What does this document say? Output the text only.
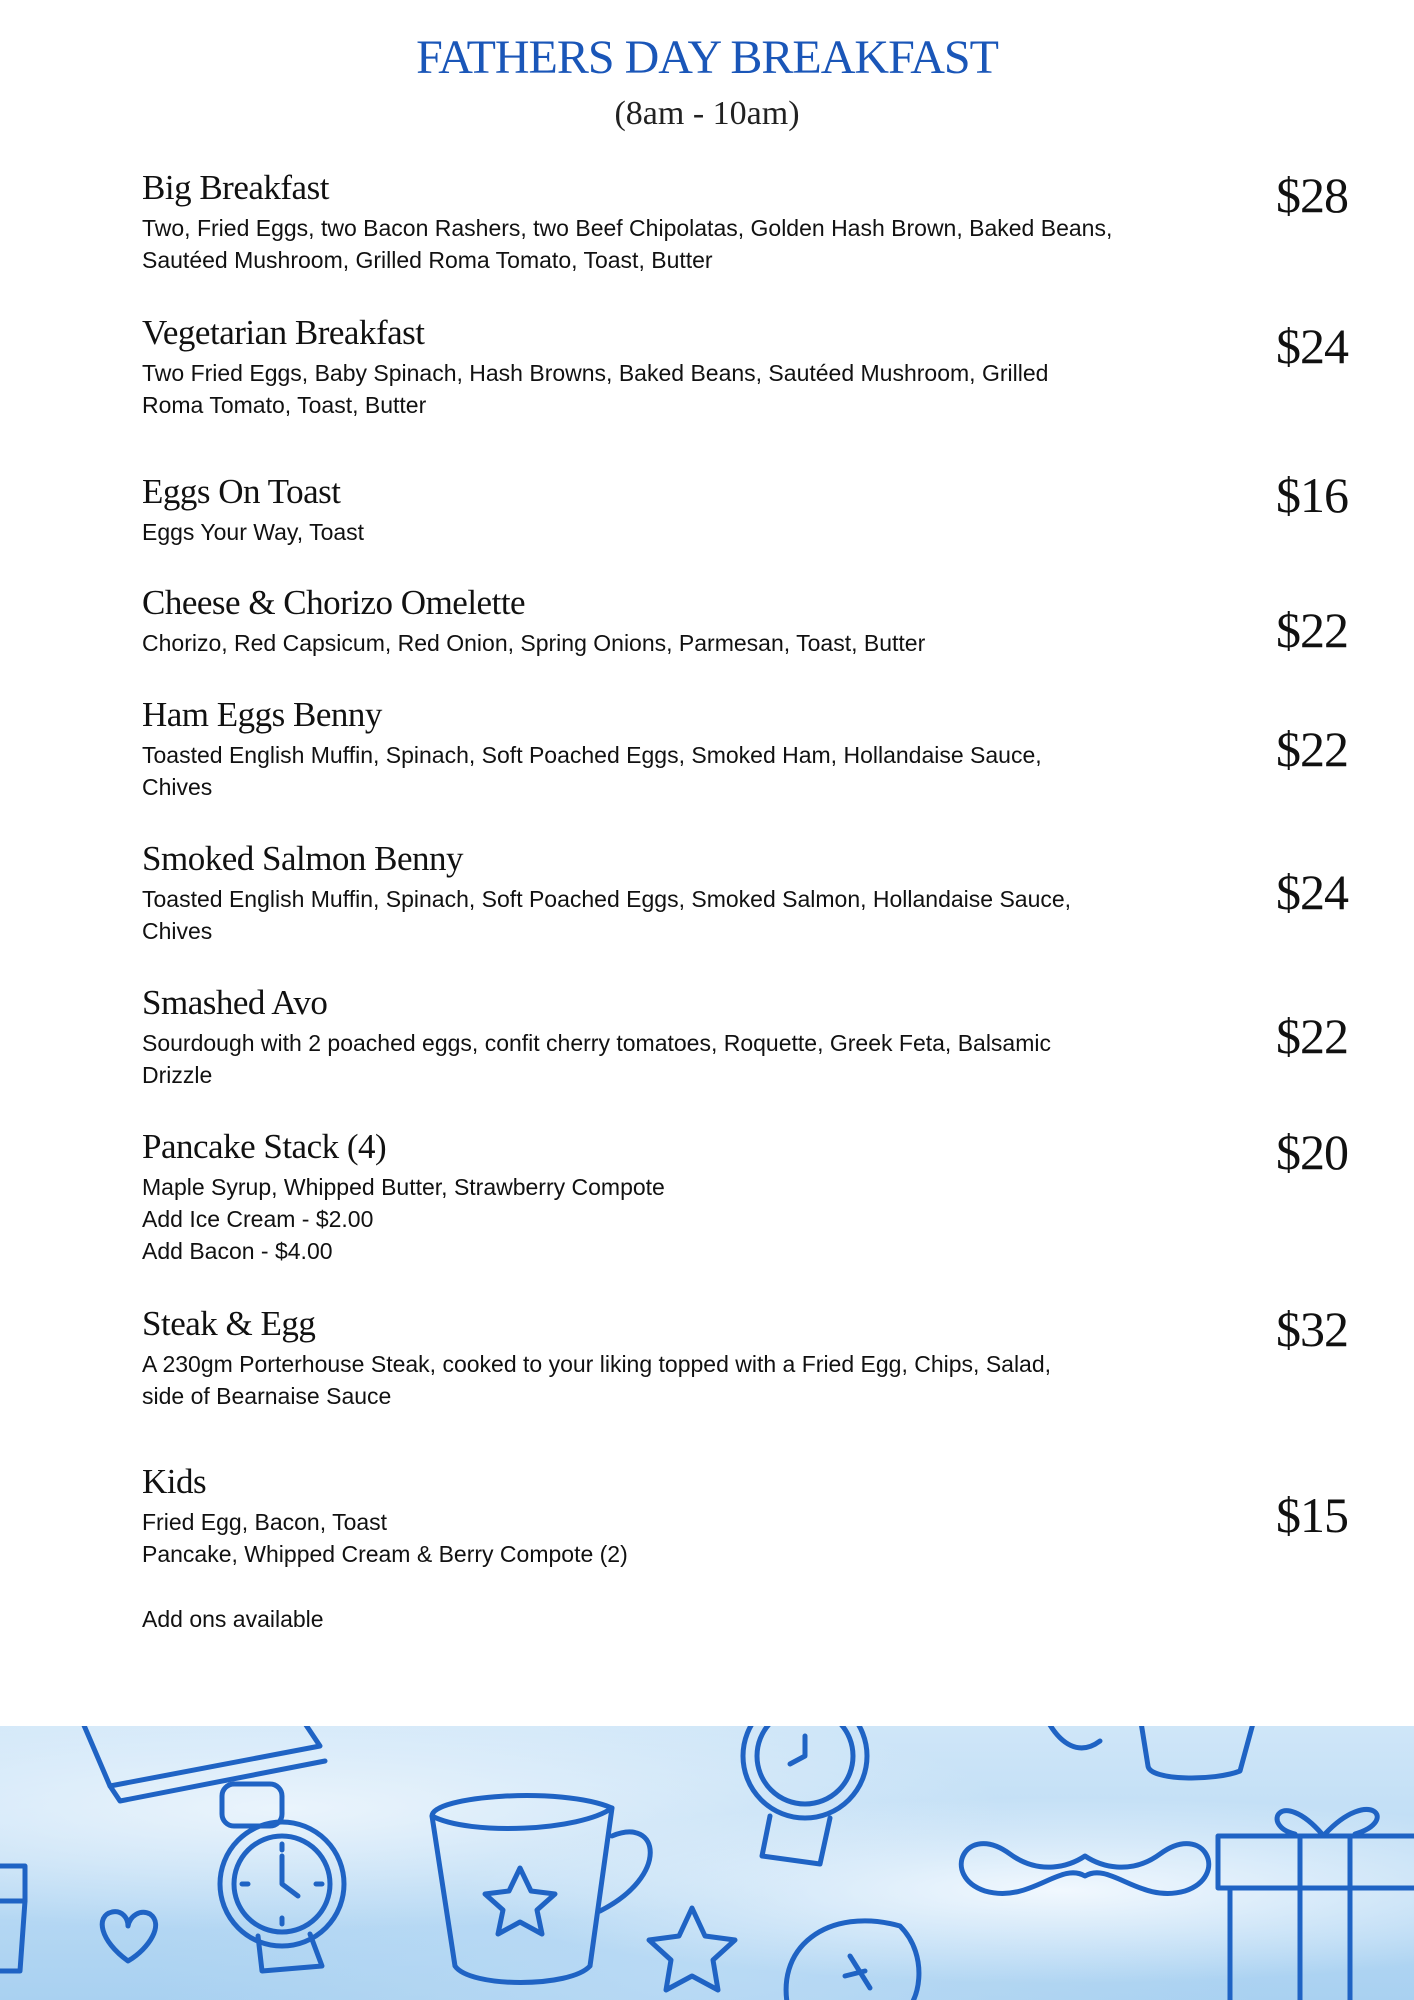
FATHERS DAY BREAKFAST
(8am - 10am)
Big Breakfast
Two, Fried Eggs, two Bacon Rashers, two Beef Chipolatas, Golden Hash Brown, Baked Beans,
Sautéed Mushroom, Grilled Roma Tomato, Toast, Butter
$28
Vegetarian Breakfast
Two Fried Eggs, Baby Spinach, Hash Browns, Baked Beans, Sautéed Mushroom, Grilled
Roma Tomato, Toast, Butter
$24
Eggs On Toast
Eggs Your Way, Toast
$16
Cheese & Chorizo Omelette
Chorizo, Red Capsicum, Red Onion, Spring Onions, Parmesan, Toast, Butter	$22
Ham Eggs Benny
Toasted English Muffin, Spinach, Soft Poached Eggs, Smoked Ham, Hollandaise Sauce,
Chives
$22
Smoked Salmon Benny
Toasted English Muffin, Spinach, Soft Poached Eggs, Smoked Salmon, Hollandaise Sauce,
Chives
$24
Smashed Avo
Sourdough with 2 poached eggs, confit cherry tomatoes, Roquette, Greek Feta, Balsamic
Drizzle
$22
Pancake Stack (4)
Maple Syrup, Whipped Butter, Strawberry Compote
Add Ice Cream - $2.00
Add Bacon - $4.00
$20
Steak & Egg
A 230gm Porterhouse Steak, cooked to your liking topped with a Fried Egg, Chips, Salad,
side of Bearnaise Sauce
$32
Kids
Fried Egg, Bacon, Toast
Pancake, Whipped Cream & Berry Compote (2)
$15
Add ons available
